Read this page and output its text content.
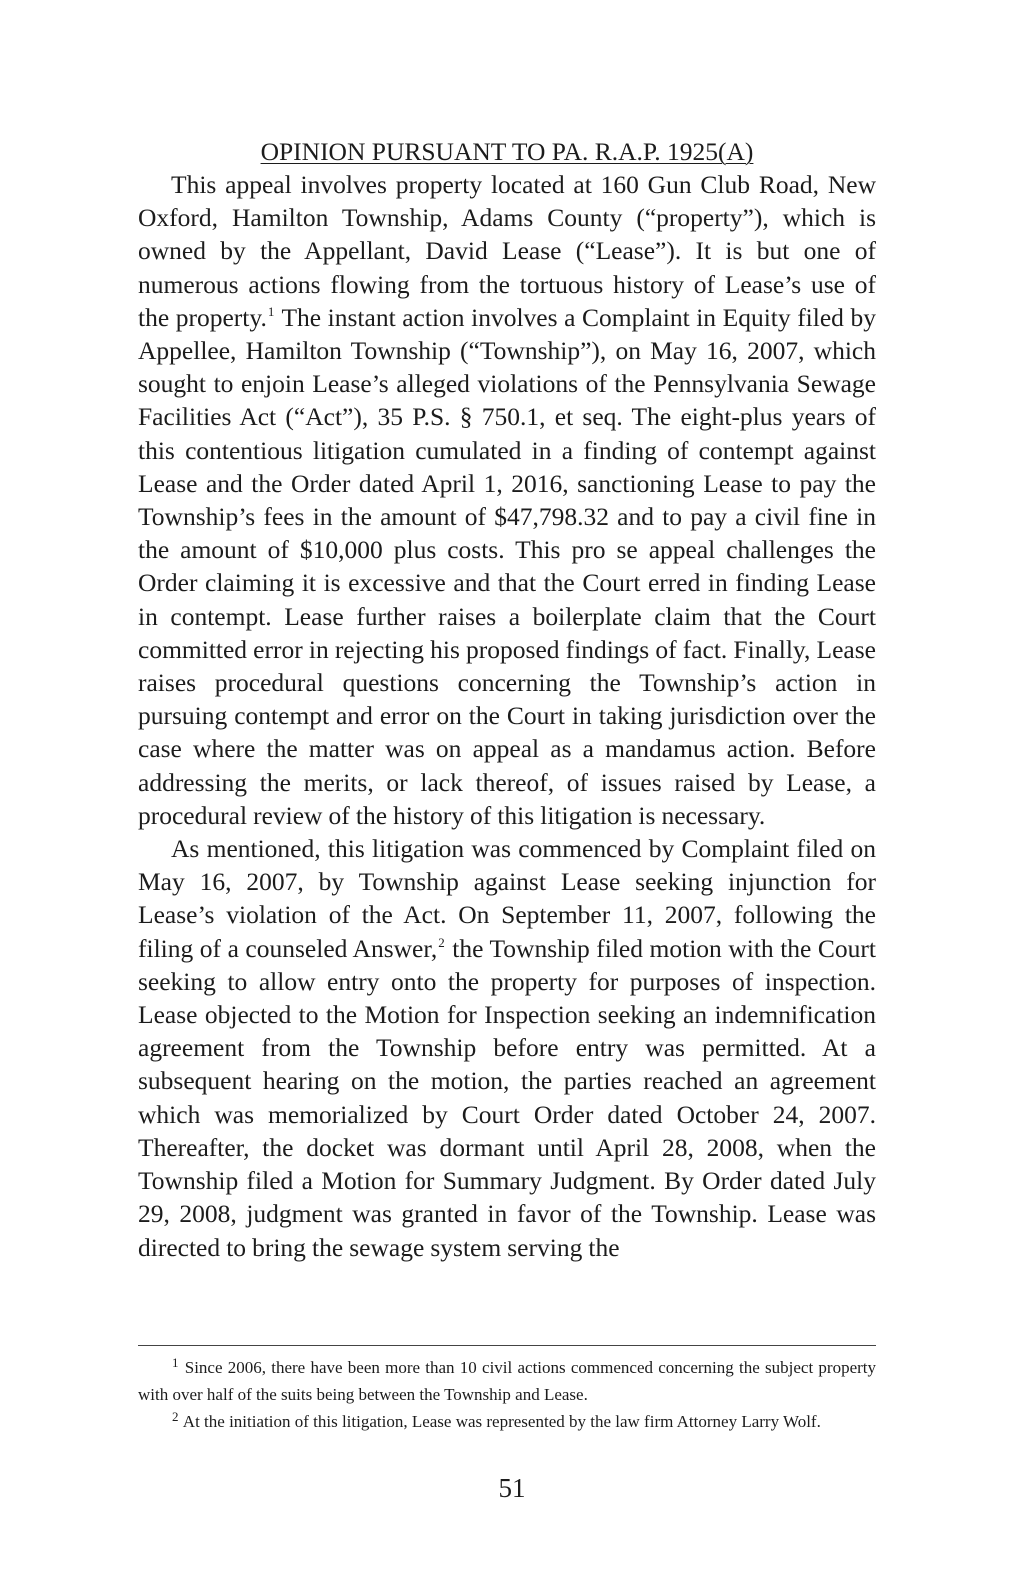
OPINION PURSUANT TO PA. R.A.P. 1925(A)

This appeal involves property located at 160 Gun Club Road, New Oxford, Hamilton Township, Adams County (“property”), which is owned by the Appellant, David Lease (“Lease”). It is but one of numerous actions flowing from the tortuous history of Lease’s use of the property.$^1$ The instant action involves a Complaint in Equity filed by Appellee, Hamilton Township (“Township”), on May 16, 2007, which sought to enjoin Lease’s alleged violations of the Pennsylvania Sewage Facilities Act (“Act”), 35 P.S. § 750.1, et seq. The eight-plus years of this contentious litigation cumulated in a finding of contempt against Lease and the Order dated April 1, 2016, sanctioning Lease to pay the Township’s fees in the amount of $47,798.32 and to pay a civil fine in the amount of $10,000 plus costs. This pro se appeal challenges the Order claiming it is excessive and that the Court erred in finding Lease in contempt. Lease further raises a boilerplate claim that the Court committed error in rejecting his proposed findings of fact. Finally, Lease raises procedural questions concerning the Township’s action in pursuing contempt and error on the Court in taking jurisdiction over the case where the matter was on appeal as a mandamus action. Before addressing the merits, or lack thereof, of issues raised by Lease, a procedural review of the history of this litigation is necessary.

As mentioned, this litigation was commenced by Complaint filed on May 16, 2007, by Township against Lease seeking injunction for Lease’s violation of the Act. On September 11, 2007, following the filing of a counseled Answer,$^2$ the Township filed motion with the Court seeking to allow entry onto the property for purposes of inspection. Lease objected to the Motion for Inspection seeking an indemnification agreement from the Township before entry was permitted. At a subsequent hearing on the motion, the parties reached an agreement which was memorialized by Court Order dated October 24, 2007. Thereafter, the docket was dormant until April 28, 2008, when the Township filed a Motion for Summary Judgment. By Order dated July 29, 2008, judgment was granted in favor of the Township. Lease was directed to bring the sewage system serving the

$^1$ Since 2006, there have been more than 10 civil actions commenced concerning the subject property with over half of the suits being between the Township and Lease.

$^2$ At the initiation of this litigation, Lease was represented by the law firm Attorney Larry Wolf.

51
